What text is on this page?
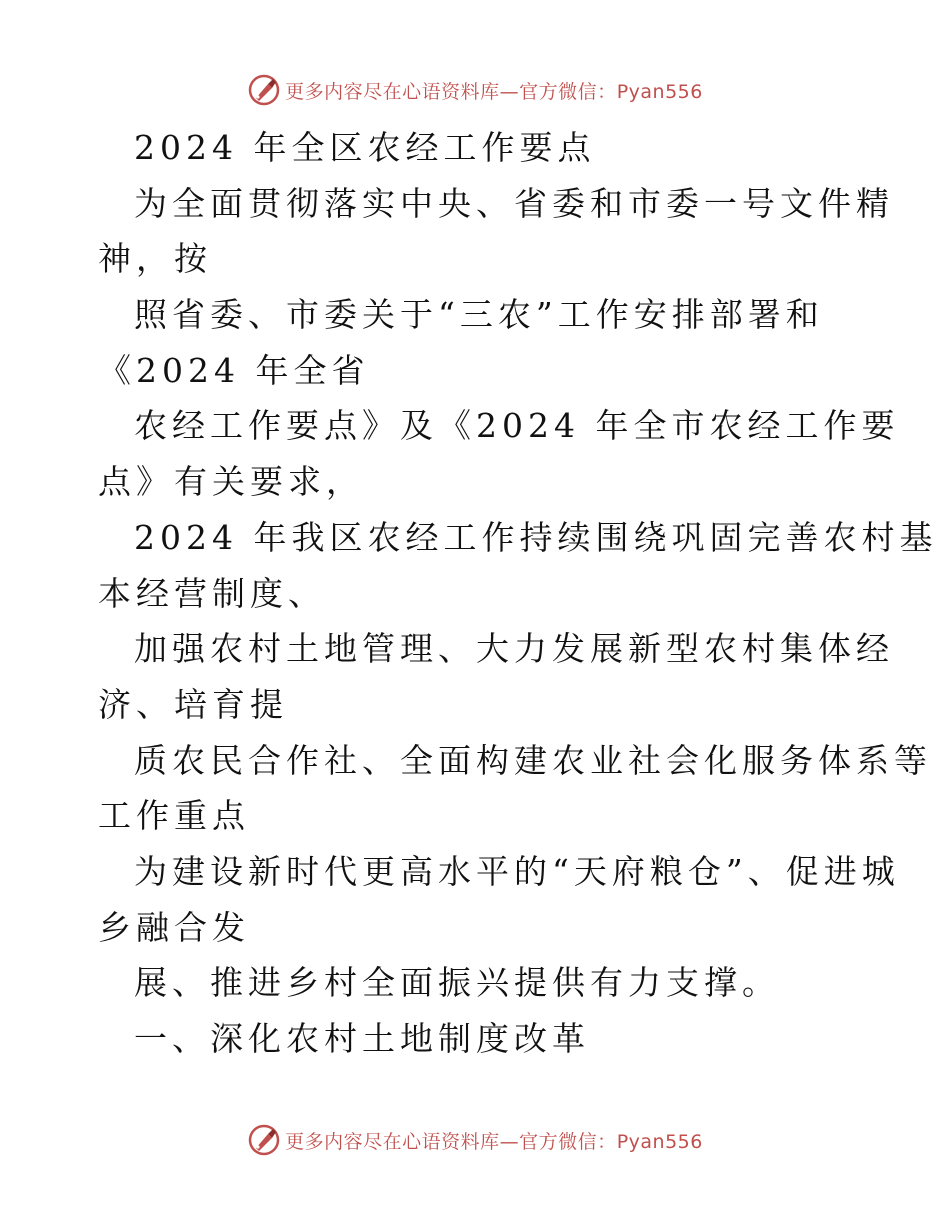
更多内容尽在心语资料库—官方微信：Pyan556
2024 年全区农经工作要点
为全面贯彻落实中央、省委和市委一号文件精
神，按
照省委、市委关于“三农”工作安排部署和
《2024 年全省
农经工作要点》及《2024 年全市农经工作要
点》有关要求，
2024 年我区农经工作持续围绕巩固完善农村基
本经营制度、
加强农村土地管理、大力发展新型农村集体经
济、培育提
质农民合作社、全面构建农业社会化服务体系等
工作重点
为建设新时代更高水平的“天府粮仓”、促进城
乡融合发
展、推进乡村全面振兴提供有力支撑。
一、深化农村土地制度改革
更多内容尽在心语资料库—官方微信：Pyan556
